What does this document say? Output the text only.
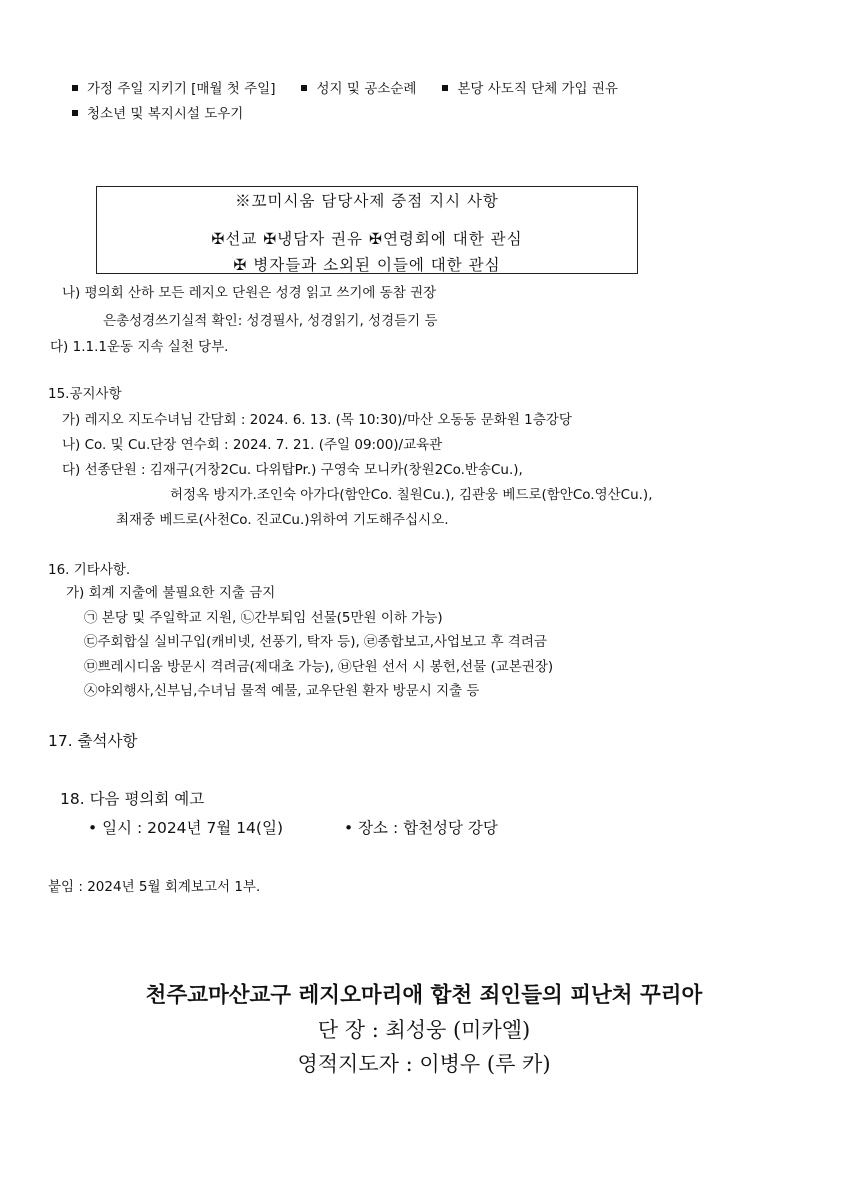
가정 주일 지키기 [매월 첫 주일]	성지 및 공소순례	본당 사도직 단체 가입 권유
청소년 및 복지시설 도우기
※꼬미시움 담당사제 중점 지시 사항
✠선교 ✠냉담자 권유 ✠연령회에 대한 관심
✠ 병자들과 소외된 이들에 대한 관심
나) 평의회 산하 모든 레지오 단원은 성경 읽고 쓰기에 동참 권장
은총성경쓰기실적 확인: 성경필사, 성경읽기, 성경듣기 등
다) 1.1.1운동 지속 실천 당부.
15.공지사항
가) 레지오 지도수녀님 간담회 : 2024. 6. 13. (목 10:30)/마산 오동동 문화원 1층강당
나) Co. 및 Cu.단장 연수회 : 2024. 7. 21. (주일 09:00)/교육관
다) 선종단원 : 김재구(거창2Cu. 다위탑Pr.) 구영숙 모니카(창원2Co.반송Cu.),
허정옥 방지가.조인숙 아가다(함안Co. 칠원Cu.), 김관웅 베드로(함안Co.영산Cu.),
최재중 베드로(사천Co. 진교Cu.)위하여 기도해주십시오.
16. 기타사항.
가) 회계 지출에 불필요한 지출 금지
㉠ 본당 및 주일학교 지원, ㉡간부퇴임 선물(5만원 이하 가능)
㉢주회합실 실비구입(캐비넷, 선풍기, 탁자 등), ㉣종합보고,사업보고 후 격려금
㉤쁘레시디움 방문시 격려금(제대초 가능), ㉥단원 선서 시 봉헌,선물 (교본권장)
㉦야외행사,신부님,수녀님 물적 예물, 교우단원 환자 방문시 지출 등
17. 출석사항
18. 다음 평의회 예고
• 일시 : 2024년 7월 14(일)	• 장소 : 합천성당 강당
붙임 : 2024년 5월 회계보고서 1부.
천주교마산교구 레지오마리애 합천 죄인들의 피난처 꾸리아
단 장 : 최성웅 (미카엘)
영적지도자 : 이병우 (루 카)
